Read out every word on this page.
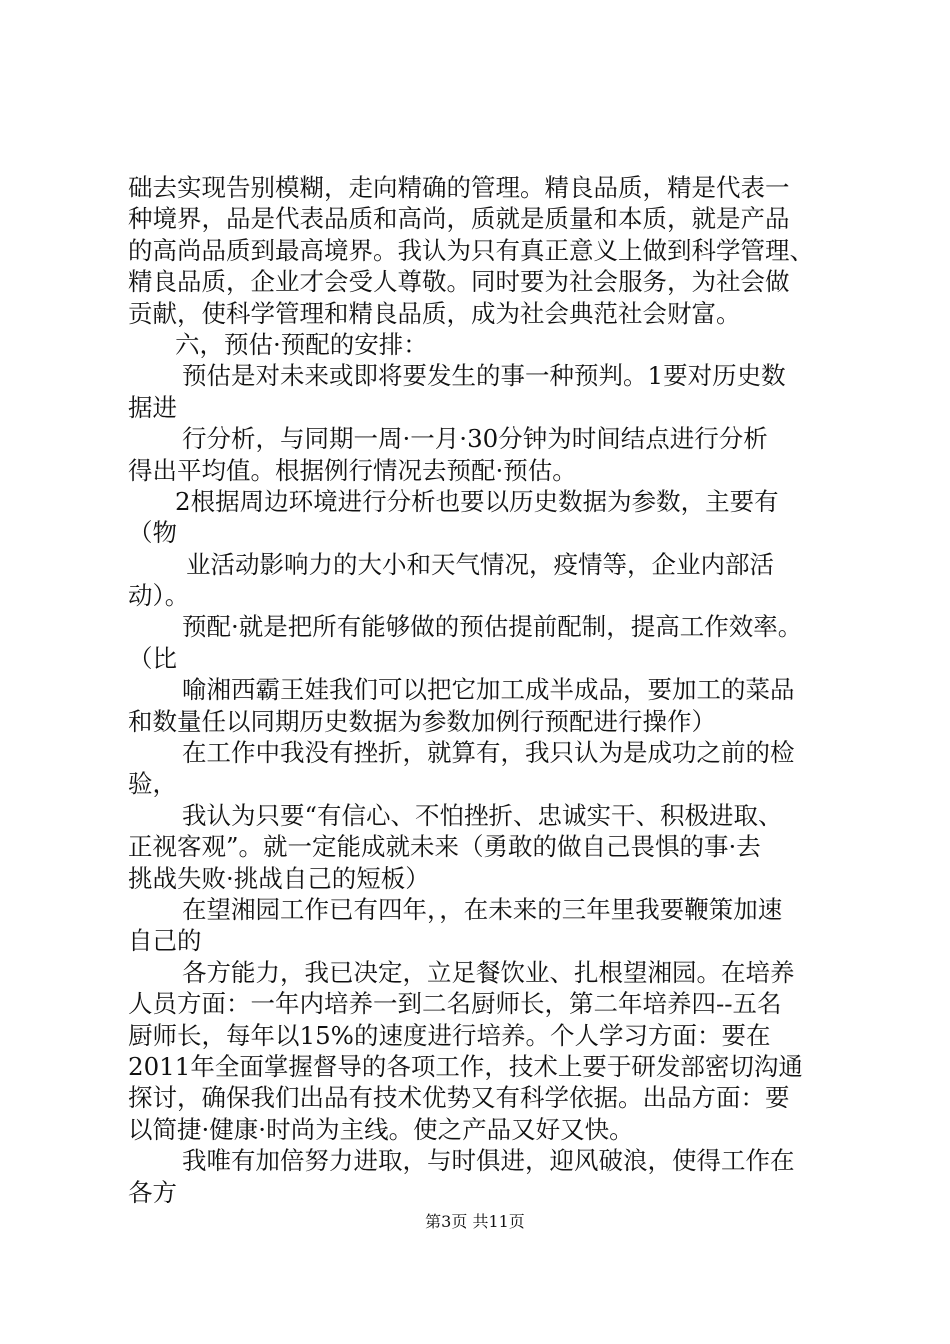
础去实现告别模糊，走向精确的管理。精良品质，精是代表一
种境界，品是代表品质和高尚，质就是质量和本质，就是产品
的高尚品质到最高境界。我认为只有真正意义上做到科学管理、
精良品质，企业才会受人尊敬。同时要为社会服务，为社会做
贡献，使科学管理和精良品质，成为社会典范社会财富。
六，预估·预配的安排：
预估是对未来或即将要发生的事一种预判。1要对历史数
据进
行分析，与同期一周·一月·30分钟为时间结点进行分析
得出平均值。根据例行情况去预配·预估。
2根据周边环境进行分析也要以历史数据为参数，主要有
（物
业活动影响力的大小和天气情况，疫情等，企业内部活
动）。
预配·就是把所有能够做的预估提前配制，提高工作效率。
（比
喻湘西霸王娃我们可以把它加工成半成品，要加工的菜品
和数量任以同期历史数据为参数加例行预配进行操作）
在工作中我没有挫折，就算有，我只认为是成功之前的检
验，
我认为只要“有信心、不怕挫折、忠诚实干、积极进取、
正视客观”。就一定能成就未来（勇敢的做自己畏惧的事·去
挑战失败·挑战自己的短板）
在望湘园工作已有四年，，在未来的三年里我要鞭策加速
自己的
各方能力，我已决定，立足餐饮业、扎根望湘园。在培养
人员方面：一年内培养一到二名厨师长，第二年培养四--五名
厨师长，每年以15%的速度进行培养。个人学习方面：要在
2011年全面掌握督导的各项工作，技术上要于研发部密切沟通
探讨，确保我们出品有技术优势又有科学依据。出品方面：要
以简捷·健康·时尚为主线。使之产品又好又快。
我唯有加倍努力进取，与时俱进，迎风破浪，使得工作在
各方
第3页 共11页
